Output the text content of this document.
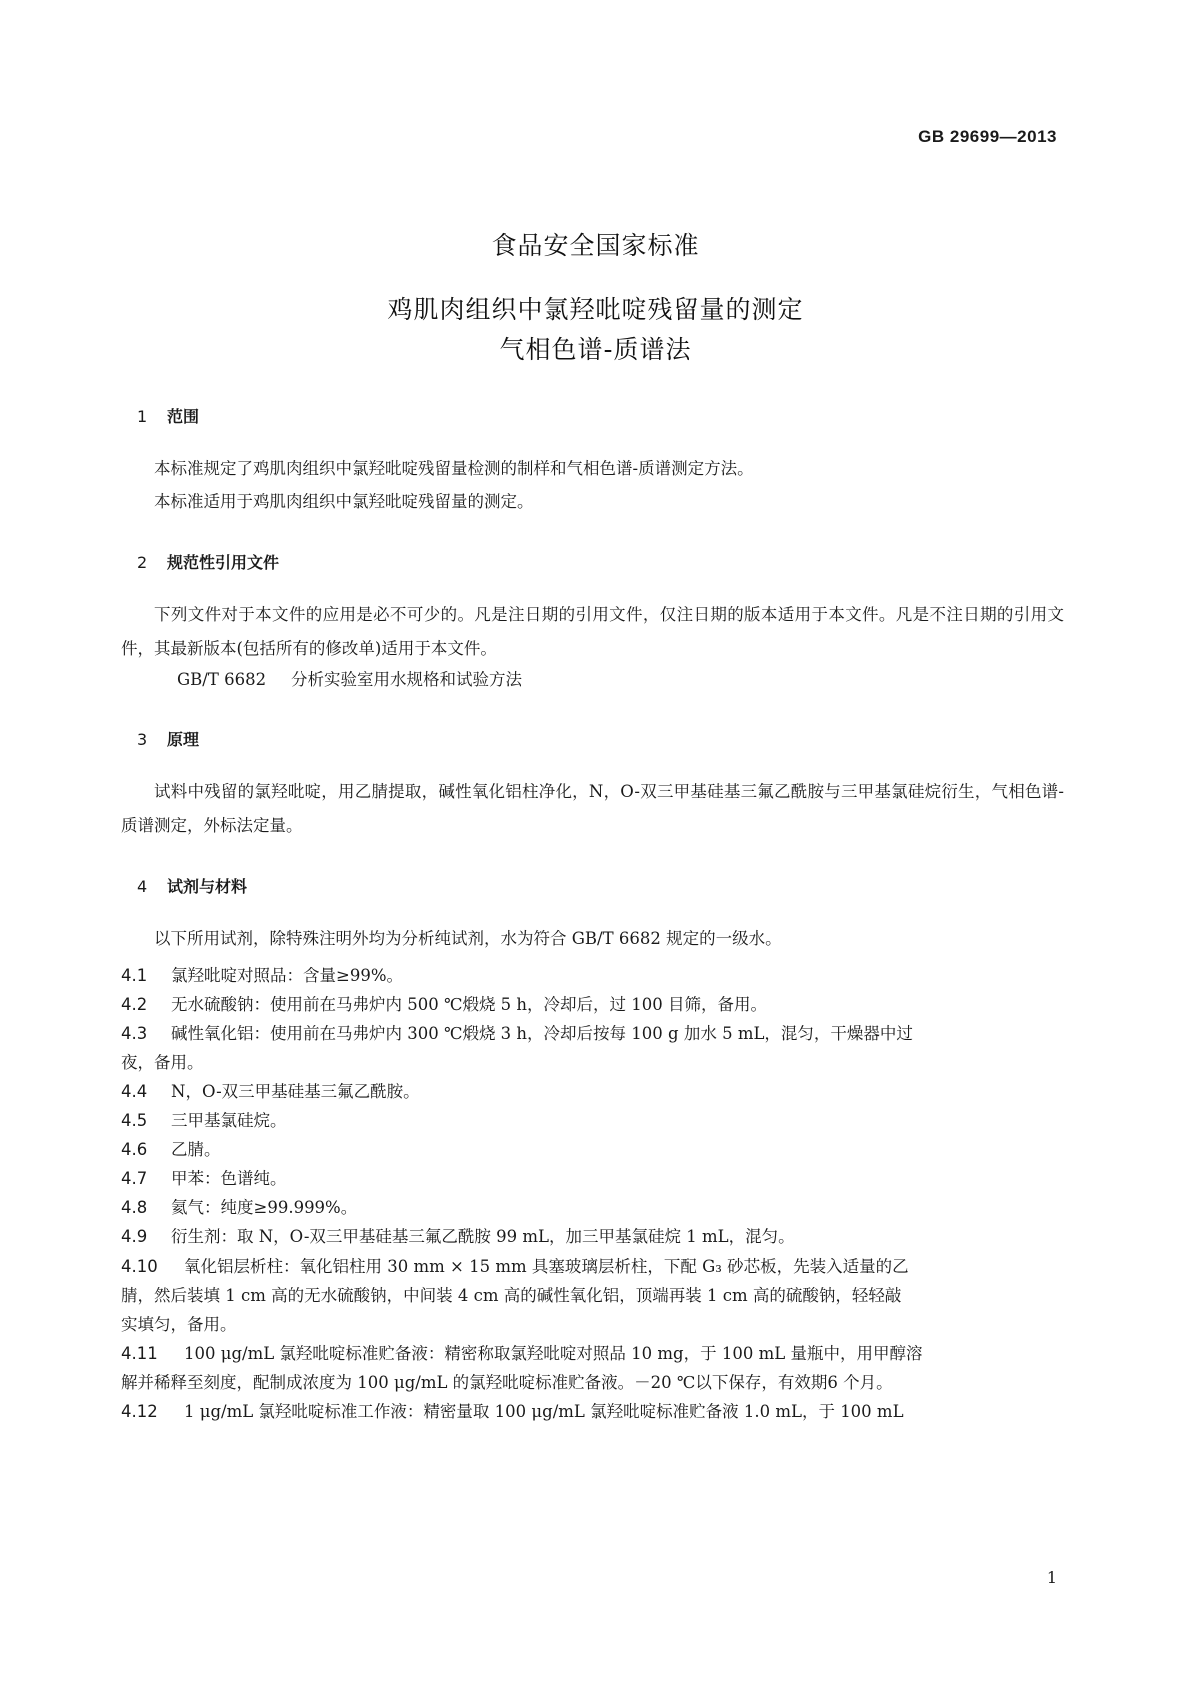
GB 29699—2013
食品安全国家标准
鸡肌肉组织中氯羟吡啶残留量的测定
气相色谱-质谱法
1 范围
本标准规定了鸡肌肉组织中氯羟吡啶残留量检测的制样和气相色谱-质谱测定方法。
本标准适用于鸡肌肉组织中氯羟吡啶残留量的测定。
2 规范性引用文件
下列文件对于本文件的应用是必不可少的。凡是注日期的引用文件，仅注日期的版本适用于本文件。凡是不注日期的引用文件，其最新版本(包括所有的修改单)适用于本文件。
GB/T 6682 分析实验室用水规格和试验方法
3 原理
试料中残留的氯羟吡啶，用乙腈提取，碱性氧化铝柱净化，N，O-双三甲基硅基三氟乙酰胺与三甲基氯硅烷衍生，气相色谱-质谱测定，外标法定量。
4 试剂与材料
以下所用试剂，除特殊注明外均为分析纯试剂，水为符合 GB/T 6682 规定的一级水。
4.1 氯羟吡啶对照品：含量≥99%。
4.2 无水硫酸钠：使用前在马弗炉内 500 ℃煅烧 5 h，冷却后，过 100 目筛，备用。
4.3 碱性氧化铝：使用前在马弗炉内 300 ℃煅烧 3 h，冷却后按每 100 g 加水 5 mL，混匀，干燥器中过
夜，备用。
4.4 N，O-双三甲基硅基三氟乙酰胺。
4.5 三甲基氯硅烷。
4.6 乙腈。
4.7 甲苯：色谱纯。
4.8 氦气：纯度≥99.999%。
4.9 衍生剂：取 N，O-双三甲基硅基三氟乙酰胺 99 mL，加三甲基氯硅烷 1 mL，混匀。
4.10 氧化铝层析柱：氧化铝柱用 30 mm × 15 mm 具塞玻璃层析柱，下配 G₃ 砂芯板，先装入适量的乙
腈，然后装填 1 cm 高的无水硫酸钠，中间装 4 cm 高的碱性氧化铝，顶端再装 1 cm 高的硫酸钠，轻轻敲
实填匀，备用。
4.11 100 μg/mL 氯羟吡啶标准贮备液：精密称取氯羟吡啶对照品 10 mg，于 100 mL 量瓶中，用甲醇溶
解并稀释至刻度，配制成浓度为 100 μg/mL 的氯羟吡啶标准贮备液。－20 ℃以下保存，有效期6 个月。
4.12 1 μg/mL 氯羟吡啶标准工作液：精密量取 100 μg/mL 氯羟吡啶标准贮备液 1.0 mL，于 100 mL
1
